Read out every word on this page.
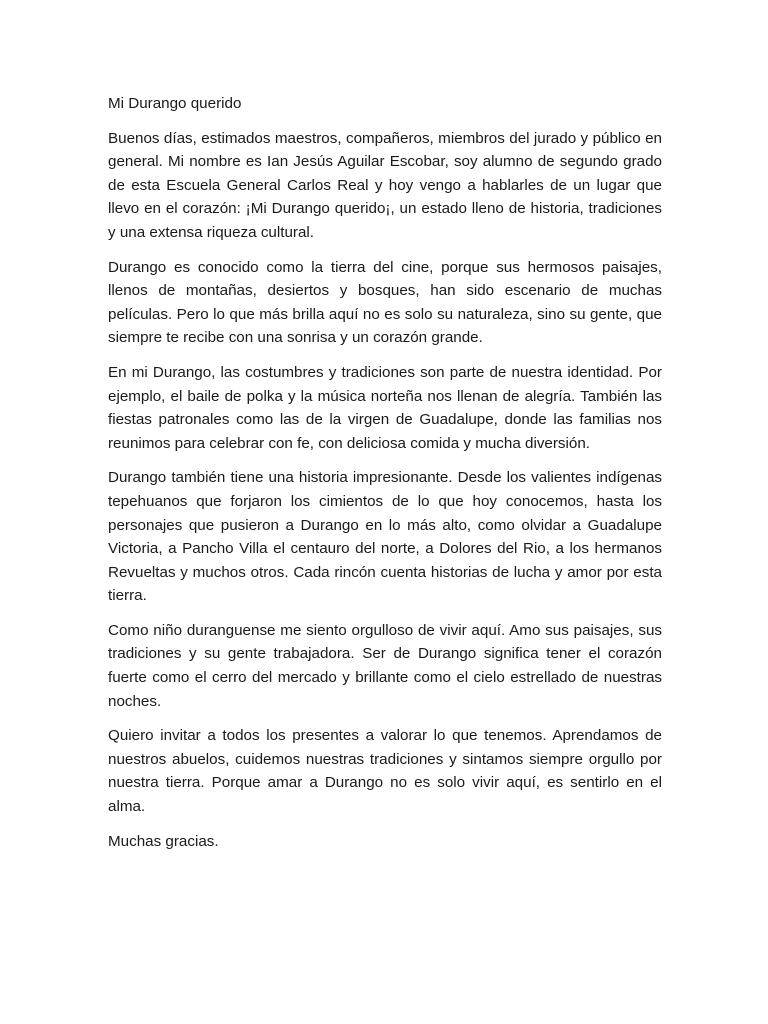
Mi Durango querido

Buenos días, estimados maestros, compañeros, miembros del jurado y público en general. Mi nombre es Ian Jesús Aguilar Escobar, soy alumno de segundo grado de esta Escuela General Carlos Real y hoy vengo a hablarles de un lugar que llevo en el corazón: ¡Mi Durango querido¡, un estado lleno de historia, tradiciones y una extensa riqueza cultural.

Durango es conocido como la tierra del cine, porque sus hermosos paisajes, llenos de montañas, desiertos y bosques, han sido escenario de muchas películas. Pero lo que más brilla aquí no es solo su naturaleza, sino su gente, que siempre te recibe con una sonrisa y un corazón grande.

En mi Durango, las costumbres y tradiciones son parte de nuestra identidad. Por ejemplo, el baile de polka y la música norteña nos llenan de alegría. También las fiestas patronales como las de la virgen de Guadalupe, donde las familias nos reunimos para celebrar con fe, con deliciosa comida y mucha diversión.

Durango también tiene una historia impresionante. Desde los valientes indígenas tepehuanos que forjaron los cimientos de lo que hoy conocemos, hasta los personajes que pusieron a Durango en lo más alto, como olvidar a Guadalupe Victoria, a Pancho Villa el centauro del norte, a Dolores del Rio, a los hermanos Revueltas y muchos otros. Cada rincón cuenta historias de lucha y amor por esta tierra.

Como niño duranguense me siento orgulloso de vivir aquí. Amo sus paisajes, sus tradiciones y su gente trabajadora. Ser de Durango significa tener el corazón fuerte como el cerro del mercado y brillante como el cielo estrellado de nuestras noches.

Quiero invitar a todos los presentes a valorar lo que tenemos. Aprendamos de nuestros abuelos, cuidemos nuestras tradiciones y sintamos siempre orgullo por nuestra tierra. Porque amar a Durango no es solo vivir aquí, es sentirlo en el alma.

Muchas gracias.
